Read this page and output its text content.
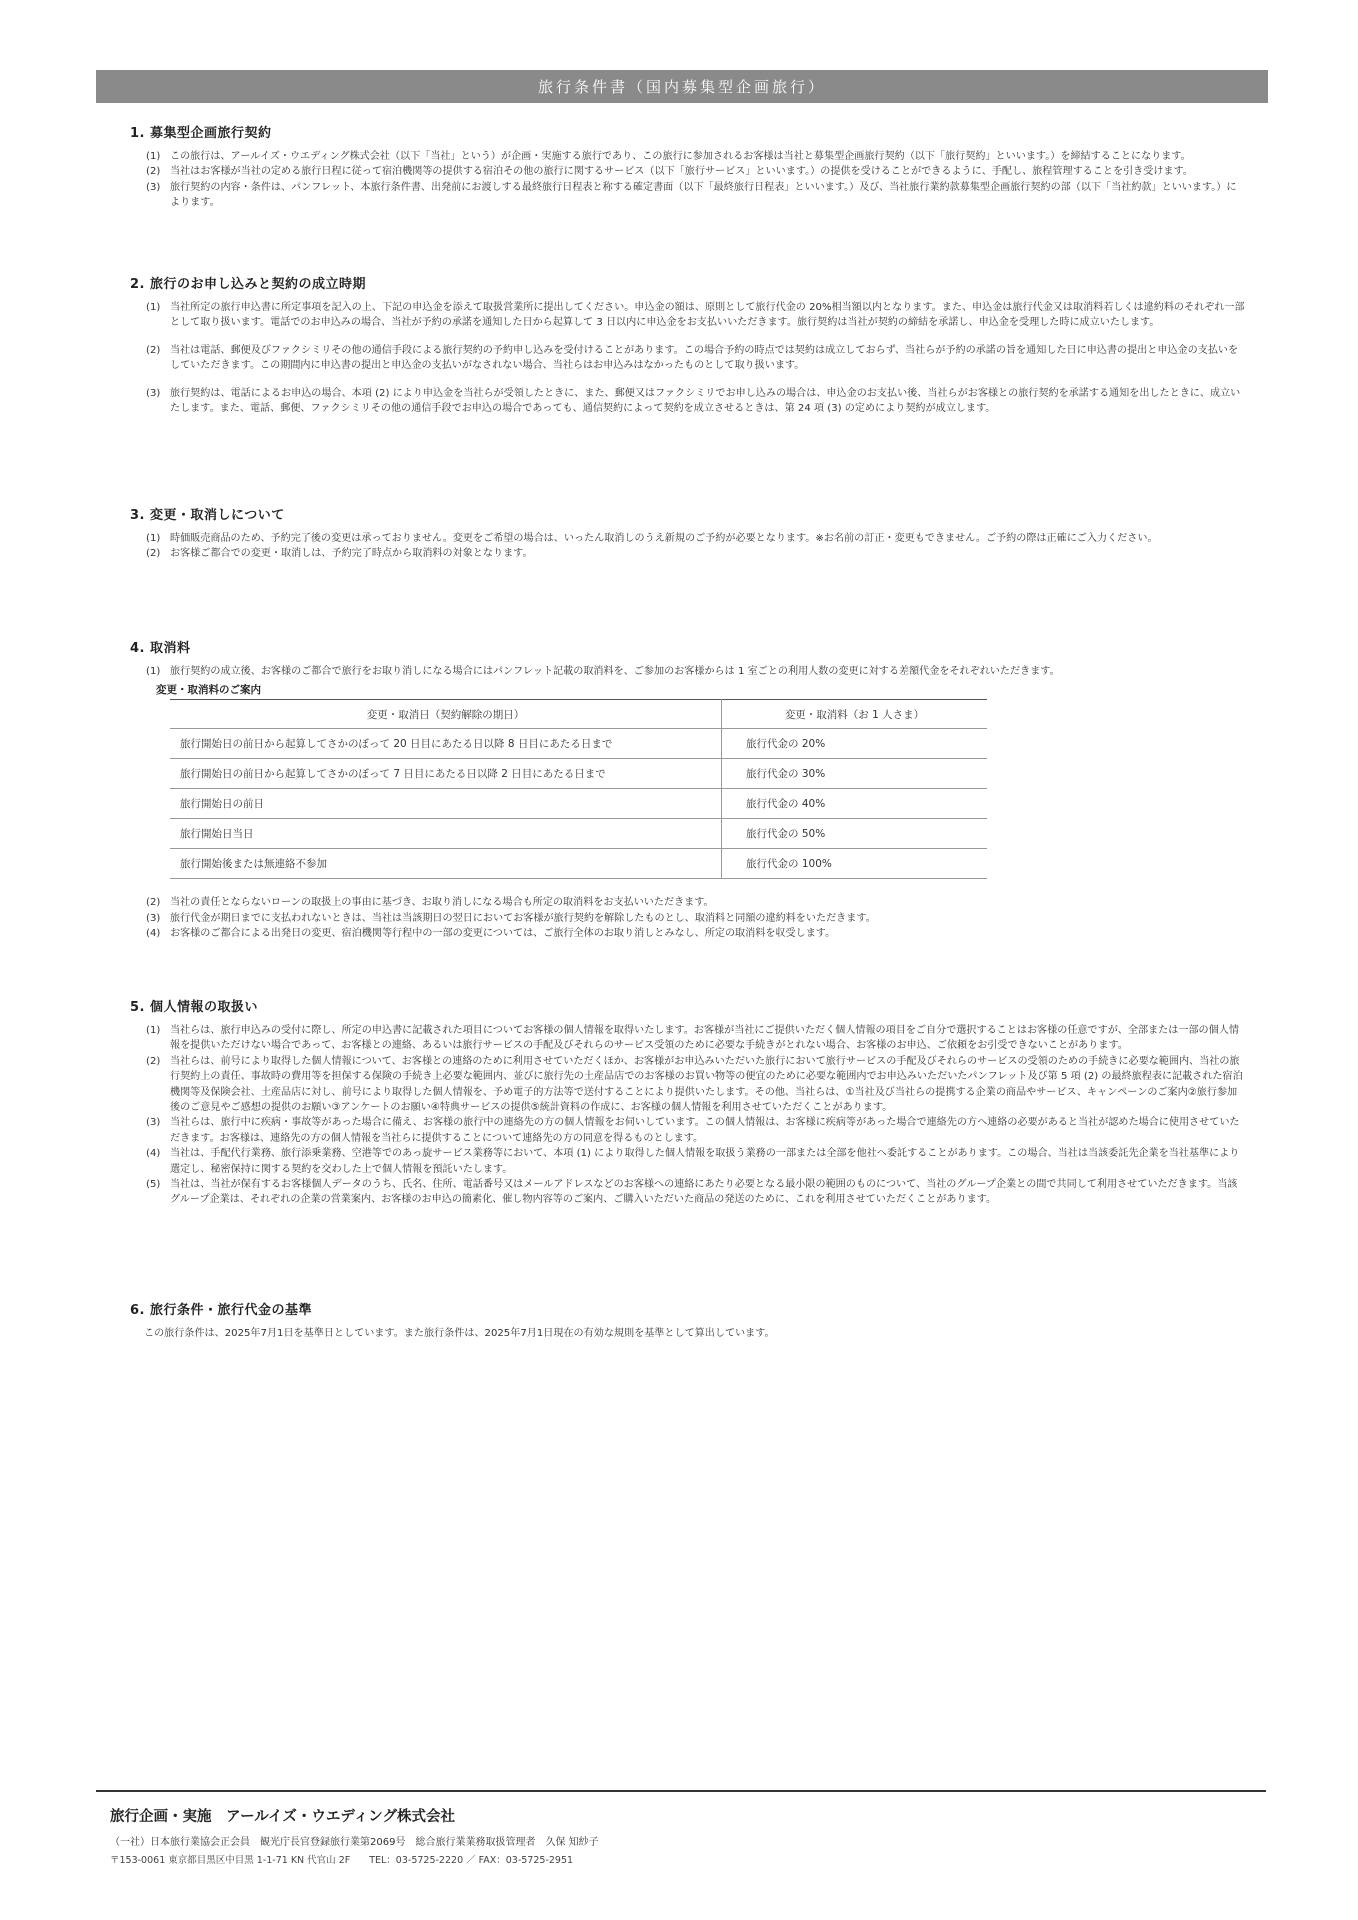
旅行条件書（国内募集型企画旅行）
1. 募集型企画旅行契約
(1) この旅行は、アールイズ・ウエディング株式会社（以下「当社」という）が企画・実施する旅行であり、この旅行に参加されるお客様は当社と募集型企画旅行契約（以下「旅行契約」といいます。）を締結することになります。
(2) 当社はお客様が当社の定める旅行日程に従って宿泊機関等の提供する宿泊その他の旅行に関するサービス（以下「旅行サービス」といいます。）の提供を受けることができるように、手配し、旅程管理することを引き受けます。
(3) 旅行契約の内容・条件は、パンフレット、本旅行条件書、出発前にお渡しする最終旅行日程表と称する確定書面（以下「最終旅行日程表」といいます。）及び、当社旅行業約款募集型企画旅行契約の部（以下「当社約款」といいます。）によります。
2. 旅行のお申し込みと契約の成立時期
(1) 当社所定の旅行申込書に所定事項を記入の上、下記の申込金を添えて取扱営業所に提出してください。申込金の額は、原則として旅行代金の 20%相当額以内となります。また、申込金は旅行代金又は取消料若しくは違約料のそれぞれ一部として取り扱います。電話でのお申込みの場合、当社が予約の承諾を通知した日から起算して 3 日以内に申込金をお支払いいただきます。旅行契約は当社が契約の締結を承諾し、申込金を受理した時に成立いたします。
(2) 当社は電話、郵便及びファクシミリその他の通信手段による旅行契約の予約申し込みを受付けることがあります。この場合予約の時点では契約は成立しておらず、当社らが予約の承諾の旨を通知した日に申込書の提出と申込金の支払いをしていただきます。この期間内に申込書の提出と申込金の支払いがなされない場合、当社らはお申込みはなかったものとして取り扱います。
(3) 旅行契約は、電話によるお申込の場合、本項 (2) により申込金を当社らが受領したときに、また、郵便又はファクシミリでお申し込みの場合は、申込金のお支払い後、当社らがお客様との旅行契約を承諾する通知を出したときに、成立いたします。また、電話、郵便、ファクシミリその他の通信手段でお申込の場合であっても、通信契約によって契約を成立させるときは、第 24 項 (3) の定めにより契約が成立します。
3. 変更・取消しについて
(1) 時価販売商品のため、予約完了後の変更は承っておりません。変更をご希望の場合は、いったん取消しのうえ新規のご予約が必要となります。※お名前の訂正・変更もできません。ご予約の際は正確にご入力ください。
(2) お客様ご都合での変更・取消しは、予約完了時点から取消料の対象となります。
4. 取消料
(1) 旅行契約の成立後、お客様のご都合で旅行をお取り消しになる場合にはパンフレット記載の取消料を、ご参加のお客様からは 1 室ごとの利用人数の変更に対する差額代金をそれぞれいただきます。
変更・取消料のご案内
変更・取消日（契約解除の期日）	変更・取消料（お 1 人さま）
旅行開始日の前日から起算してさかのぼって 20 日目にあたる日以降 8 日目にあたる日まで	旅行代金の 20%
旅行開始日の前日から起算してさかのぼって 7 日目にあたる日以降 2 日目にあたる日まで	旅行代金の 30%
旅行開始日の前日	旅行代金の 40%
旅行開始日当日	旅行代金の 50%
旅行開始後または無連絡不参加	旅行代金の 100%
(2) 当社の責任とならないローンの取扱上の事由に基づき、お取り消しになる場合も所定の取消料をお支払いいただきます。
(3) 旅行代金が期日までに支払われないときは、当社は当該期日の翌日においてお客様が旅行契約を解除したものとし、取消料と同額の違約料をいただきます。
(4) お客様のご都合による出発日の変更、宿泊機関等行程中の一部の変更については、ご旅行全体のお取り消しとみなし、所定の取消料を収受します。
5. 個人情報の取扱い
(1) 当社らは、旅行申込みの受付に際し、所定の申込書に記載された項目についてお客様の個人情報を取得いたします。お客様が当社にご提供いただく個人情報の項目をご自分で選択することはお客様の任意ですが、全部または一部の個人情報を提供いただけない場合であって、お客様との連絡、あるいは旅行サービスの手配及びそれらのサービス受領のために必要な手続きがとれない場合、お客様のお申込、ご依頼をお引受できないことがあります。
(2) 当社らは、前号により取得した個人情報について、お客様との連絡のために利用させていただくほか、お客様がお申込みいただいた旅行において旅行サービスの手配及びそれらのサービスの受領のための手続きに必要な範囲内、当社の旅行契約上の責任、事故時の費用等を担保する保険の手続き上必要な範囲内、並びに旅行先の土産品店でのお客様のお買い物等の便宜のために必要な範囲内でお申込みいただいたパンフレット及び第 5 項 (2) の最終旅程表に記載された宿泊機関等及保険会社、土産品店に対し、前号により取得した個人情報を、予め電子的方法等で送付することにより提供いたします。その他、当社らは、①当社及び当社らの提携する企業の商品やサービス、キャンペーンのご案内②旅行参加後のご意見やご感想の提供のお願い③アンケートのお願い④特典サービスの提供⑤統計資料の作成に、お客様の個人情報を利用させていただくことがあります。
(3) 当社らは、旅行中に疾病・事故等があった場合に備え、お客様の旅行中の連絡先の方の個人情報をお伺いしています。この個人情報は、お客様に疾病等があった場合で連絡先の方へ連絡の必要があると当社が認めた場合に使用させていただきます。お客様は、連絡先の方の個人情報を当社らに提供することについて連絡先の方の同意を得るものとします。
(4) 当社は、手配代行業務、旅行添乗業務、空港等でのあっ旋サービス業務等において、本項 (1) により取得した個人情報を取扱う業務の一部または全部を他社へ委託することがあります。この場合、当社は当該委託先企業を当社基準により選定し、秘密保持に関する契約を交わした上で個人情報を預託いたします。
(5) 当社は、当社が保有するお客様個人データのうち、氏名、住所、電話番号又はメールアドレスなどのお客様への連絡にあたり必要となる最小限の範囲のものについて、当社のグループ企業との間で共同して利用させていただきます。当該グループ企業は、それぞれの企業の営業案内、お客様のお申込の簡素化、催し物内容等のご案内、ご購入いただいた商品の発送のために、これを利用させていただくことがあります。
6. 旅行条件・旅行代金の基準
この旅行条件は、2025年7月1日を基準日としています。また旅行条件は、2025年7月1日現在の有効な規則を基準として算出しています。
旅行企画・実施　アールイズ・ウエディング株式会社
（一社）日本旅行業協会正会員　観光庁長官登録旅行業第2069号　総合旅行業業務取扱管理者　久保 知紗子
〒153-0061 東京都目黒区中目黒 1-1-71 KN 代官山 2F　　TEL：03-5725-2220 ／ FAX：03-5725-2951
